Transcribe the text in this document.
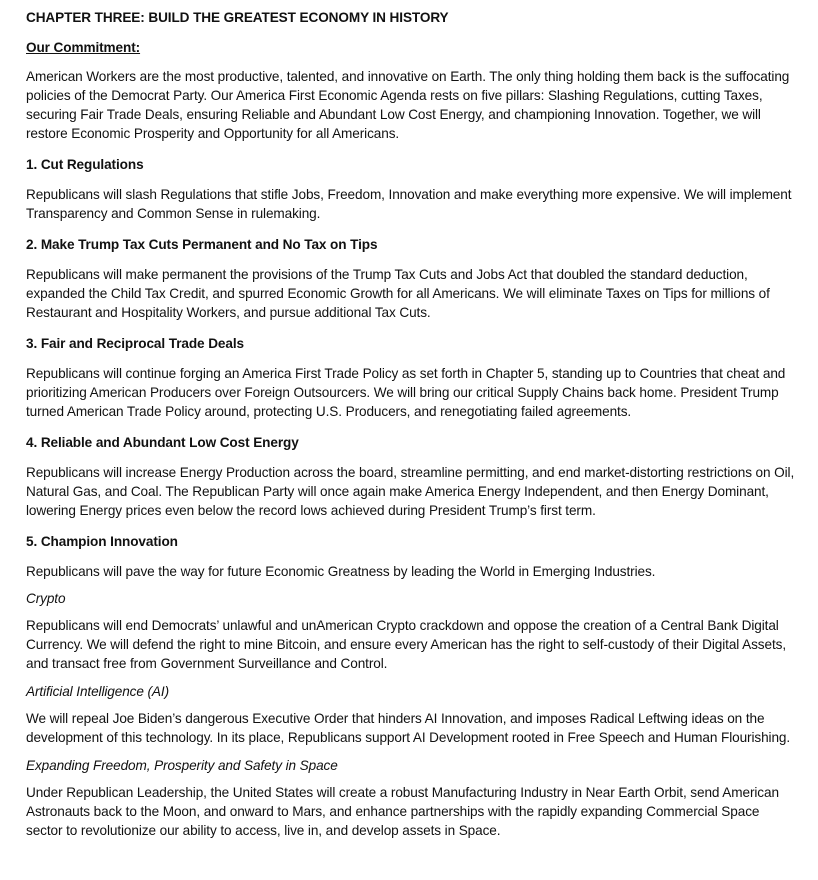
CHAPTER THREE: BUILD THE GREATEST ECONOMY IN HISTORY
Our Commitment:

American Workers are the most productive, talented, and innovative on Earth. The only thing holding them back is the suffocating policies of the Democrat Party. Our America First Economic Agenda rests on five pillars: Slashing Regulations, cutting Taxes, securing Fair Trade Deals, ensuring Reliable and Abundant Low Cost Energy, and championing Innovation. Together, we will restore Economic Prosperity and Opportunity for all Americans.

1. Cut Regulations

Republicans will slash Regulations that stifle Jobs, Freedom, Innovation and make everything more expensive. We will implement Transparency and Common Sense in rulemaking.

2. Make Trump Tax Cuts Permanent and No Tax on Tips

Republicans will make permanent the provisions of the Trump Tax Cuts and Jobs Act that doubled the standard deduction, expanded the Child Tax Credit, and spurred Economic Growth for all Americans. We will eliminate Taxes on Tips for millions of Restaurant and Hospitality Workers, and pursue additional Tax Cuts.

3. Fair and Reciprocal Trade Deals

Republicans will continue forging an America First Trade Policy as set forth in Chapter 5, standing up to Countries that cheat and prioritizing American Producers over Foreign Outsourcers. We will bring our critical Supply Chains back home. President Trump turned American Trade Policy around, protecting U.S. Producers, and renegotiating failed agreements.

4. Reliable and Abundant Low Cost Energy

Republicans will increase Energy Production across the board, streamline permitting, and end market-distorting restrictions on Oil, Natural Gas, and Coal. The Republican Party will once again make America Energy Independent, and then Energy Dominant, lowering Energy prices even below the record lows achieved during President Trump’s first term.

5. Champion Innovation

Republicans will pave the way for future Economic Greatness by leading the World in Emerging Industries.

Crypto

Republicans will end Democrats’ unlawful and unAmerican Crypto crackdown and oppose the creation of a Central Bank Digital Currency. We will defend the right to mine Bitcoin, and ensure every American has the right to self-custody of their Digital Assets, and transact free from Government Surveillance and Control.

Artificial Intelligence (AI)

We will repeal Joe Biden’s dangerous Executive Order that hinders AI Innovation, and imposes Radical Leftwing ideas on the development of this technology. In its place, Republicans support AI Development rooted in Free Speech and Human Flourishing.

Expanding Freedom, Prosperity and Safety in Space

Under Republican Leadership, the United States will create a robust Manufacturing Industry in Near Earth Orbit, send American Astronauts back to the Moon, and onward to Mars, and enhance partnerships with the rapidly expanding Commercial Space sector to revolutionize our ability to access, live in, and develop assets in Space.
